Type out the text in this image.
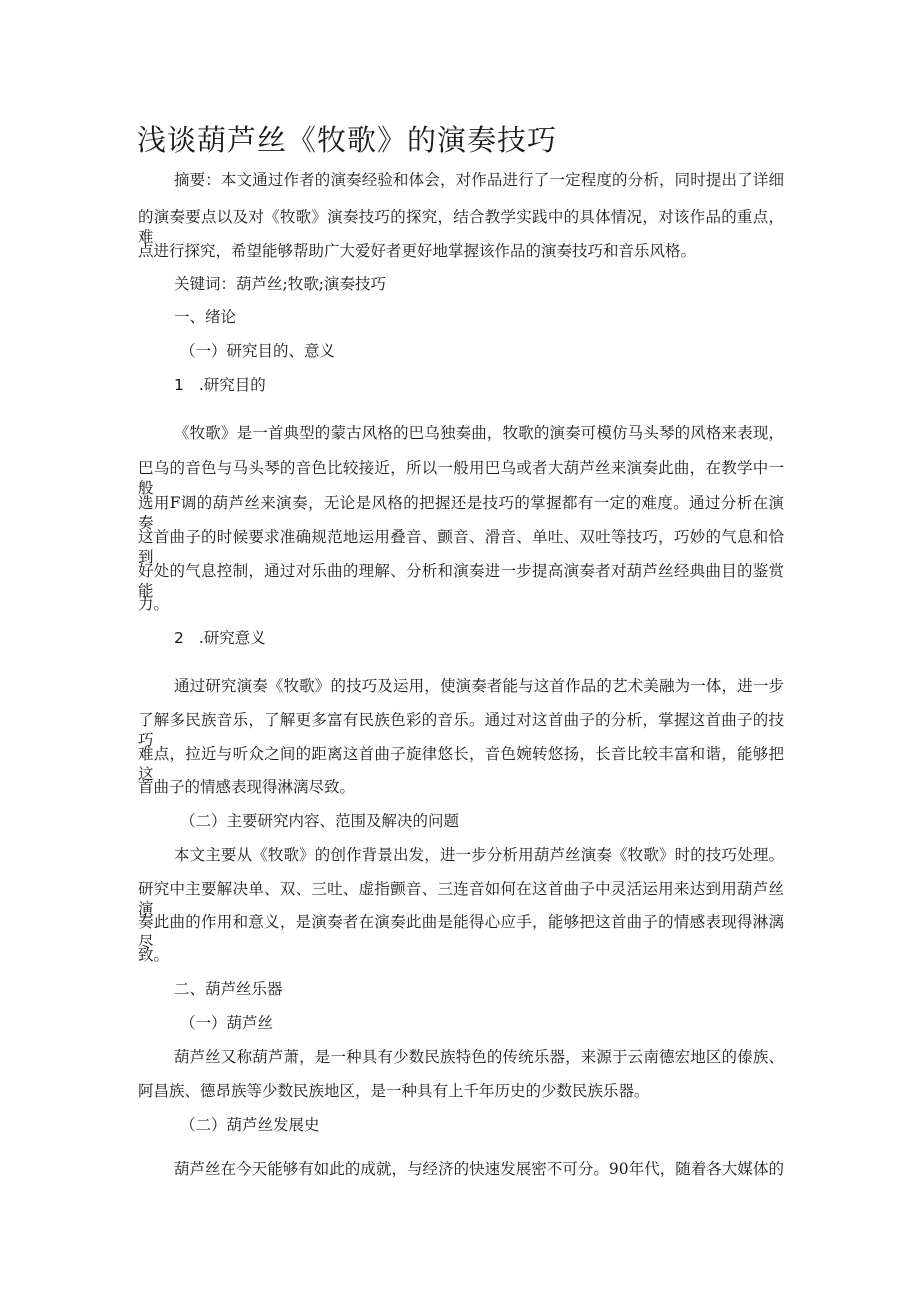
浅谈葫芦丝《牧歌》的演奏技巧
摘要：本文通过作者的演奏经验和体会，对作品进行了一定程度的分析，同时提出了详细
的演奏要点以及对《牧歌》演奏技巧的探究，结合教学实践中的具体情况，对该作品的重点，难
点进行探究，希望能够帮助广大爱好者更好地掌握该作品的演奏技巧和音乐风格。
关键词：葫芦丝;牧歌;演奏技巧
一、绪论
（一）研究目的、意义
1 .研究目的
《牧歌》是一首典型的蒙古风格的巴乌独奏曲，牧歌的演奏可模仿马头琴的风格来表现，
巴乌的音色与马头琴的音色比较接近，所以一般用巴乌或者大葫芦丝来演奏此曲，在教学中一般
选用F调的葫芦丝来演奏，无论是风格的把握还是技巧的掌握都有一定的难度。通过分析在演奏
这首曲子的时候要求准确规范地运用叠音、颤音、滑音、单吐、双吐等技巧，巧妙的气息和恰到
好处的气息控制，通过对乐曲的理解、分析和演奏进一步提高演奏者对葫芦丝经典曲目的鉴赏能
力。
2 .研究意义
通过研究演奏《牧歌》的技巧及运用，使演奏者能与这首作品的艺术美融为一体，进一步
了解多民族音乐，了解更多富有民族色彩的音乐。通过对这首曲子的分析，掌握这首曲子的技巧
难点，拉近与听众之间的距离这首曲子旋律悠长，音色婉转悠扬，长音比较丰富和谐，能够把这
首曲子的情感表现得淋漓尽致。
（二）主要研究内容、范围及解决的问题
本文主要从《牧歌》的创作背景出发，进一步分析用葫芦丝演奏《牧歌》时的技巧处理。
研究中主要解决单、双、三吐、虚指颤音、三连音如何在这首曲子中灵活运用来达到用葫芦丝演
奏此曲的作用和意义，是演奏者在演奏此曲是能得心应手，能够把这首曲子的情感表现得淋漓尽
致。
二、葫芦丝乐器
（一）葫芦丝
葫芦丝又称葫芦萧，是一种具有少数民族特色的传统乐器，来源于云南德宏地区的傣族、
阿昌族、德昂族等少数民族地区，是一种具有上千年历史的少数民族乐器。
（二）葫芦丝发展史
葫芦丝在今天能够有如此的成就，与经济的快速发展密不可分。90年代，随着各大媒体的
